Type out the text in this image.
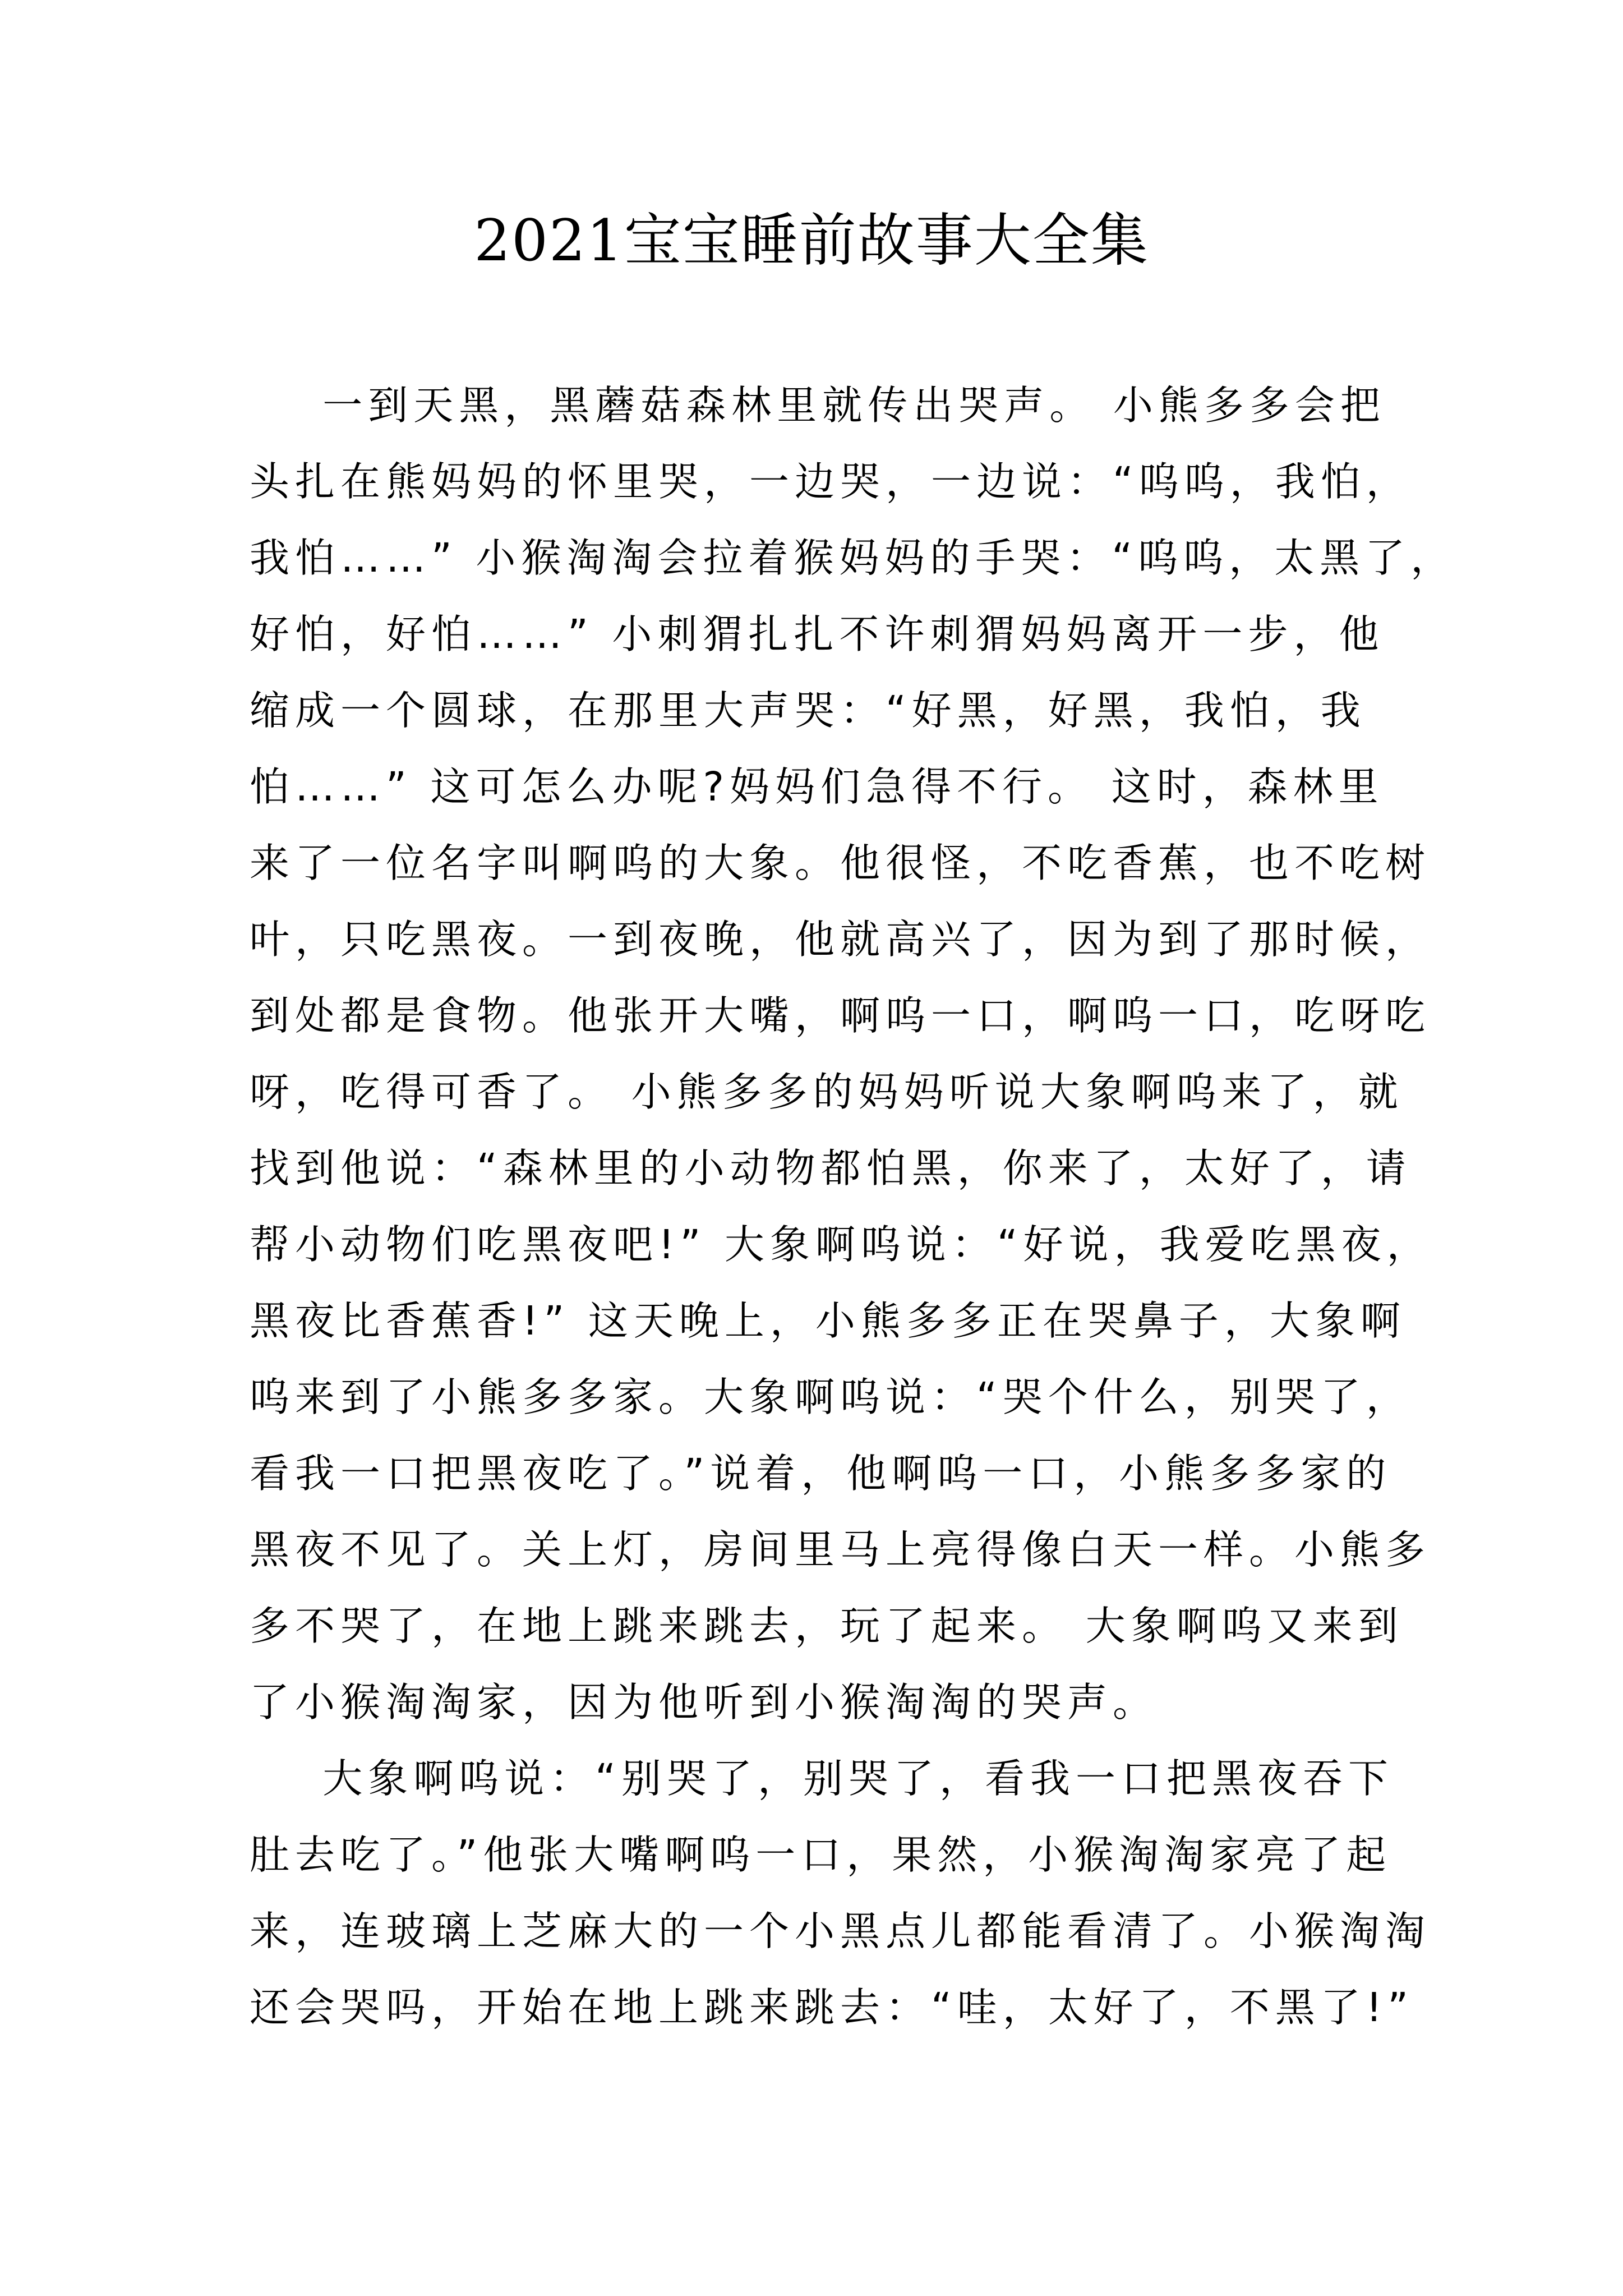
2021宝宝睡前故事大全集
一到天黑，黑蘑菇森林里就传出哭声。 小熊多多会把
头扎在熊妈妈的怀里哭，一边哭，一边说：“呜呜，我怕，
我怕……” 小猴淘淘会拉着猴妈妈的手哭：“呜呜，太黑了，
好怕，好怕……” 小刺猬扎扎不许刺猬妈妈离开一步，他
缩成一个圆球，在那里大声哭：“好黑，好黑，我怕，我
怕……” 这可怎么办呢?妈妈们急得不行。 这时，森林里
来了一位名字叫啊呜的大象。他很怪，不吃香蕉，也不吃树
叶，只吃黑夜。一到夜晚，他就高兴了，因为到了那时候，
到处都是食物。他张开大嘴，啊呜一口，啊呜一口，吃呀吃
呀，吃得可香了。 小熊多多的妈妈听说大象啊呜来了，就
找到他说：“森林里的小动物都怕黑，你来了，太好了，请
帮小动物们吃黑夜吧!” 大象啊呜说：“好说，我爱吃黑夜，
黑夜比香蕉香!” 这天晚上，小熊多多正在哭鼻子，大象啊
呜来到了小熊多多家。大象啊呜说：“哭个什么，别哭了，
看我一口把黑夜吃了。”说着，他啊呜一口，小熊多多家的
黑夜不见了。关上灯，房间里马上亮得像白天一样。小熊多
多不哭了，在地上跳来跳去，玩了起来。 大象啊呜又来到
了小猴淘淘家，因为他听到小猴淘淘的哭声。
大象啊呜说：“别哭了，别哭了，看我一口把黑夜吞下
肚去吃了。”他张大嘴啊呜一口，果然，小猴淘淘家亮了起
来，连玻璃上芝麻大的一个小黑点儿都能看清了。小猴淘淘
还会哭吗，开始在地上跳来跳去：“哇，太好了，不黑了!”
